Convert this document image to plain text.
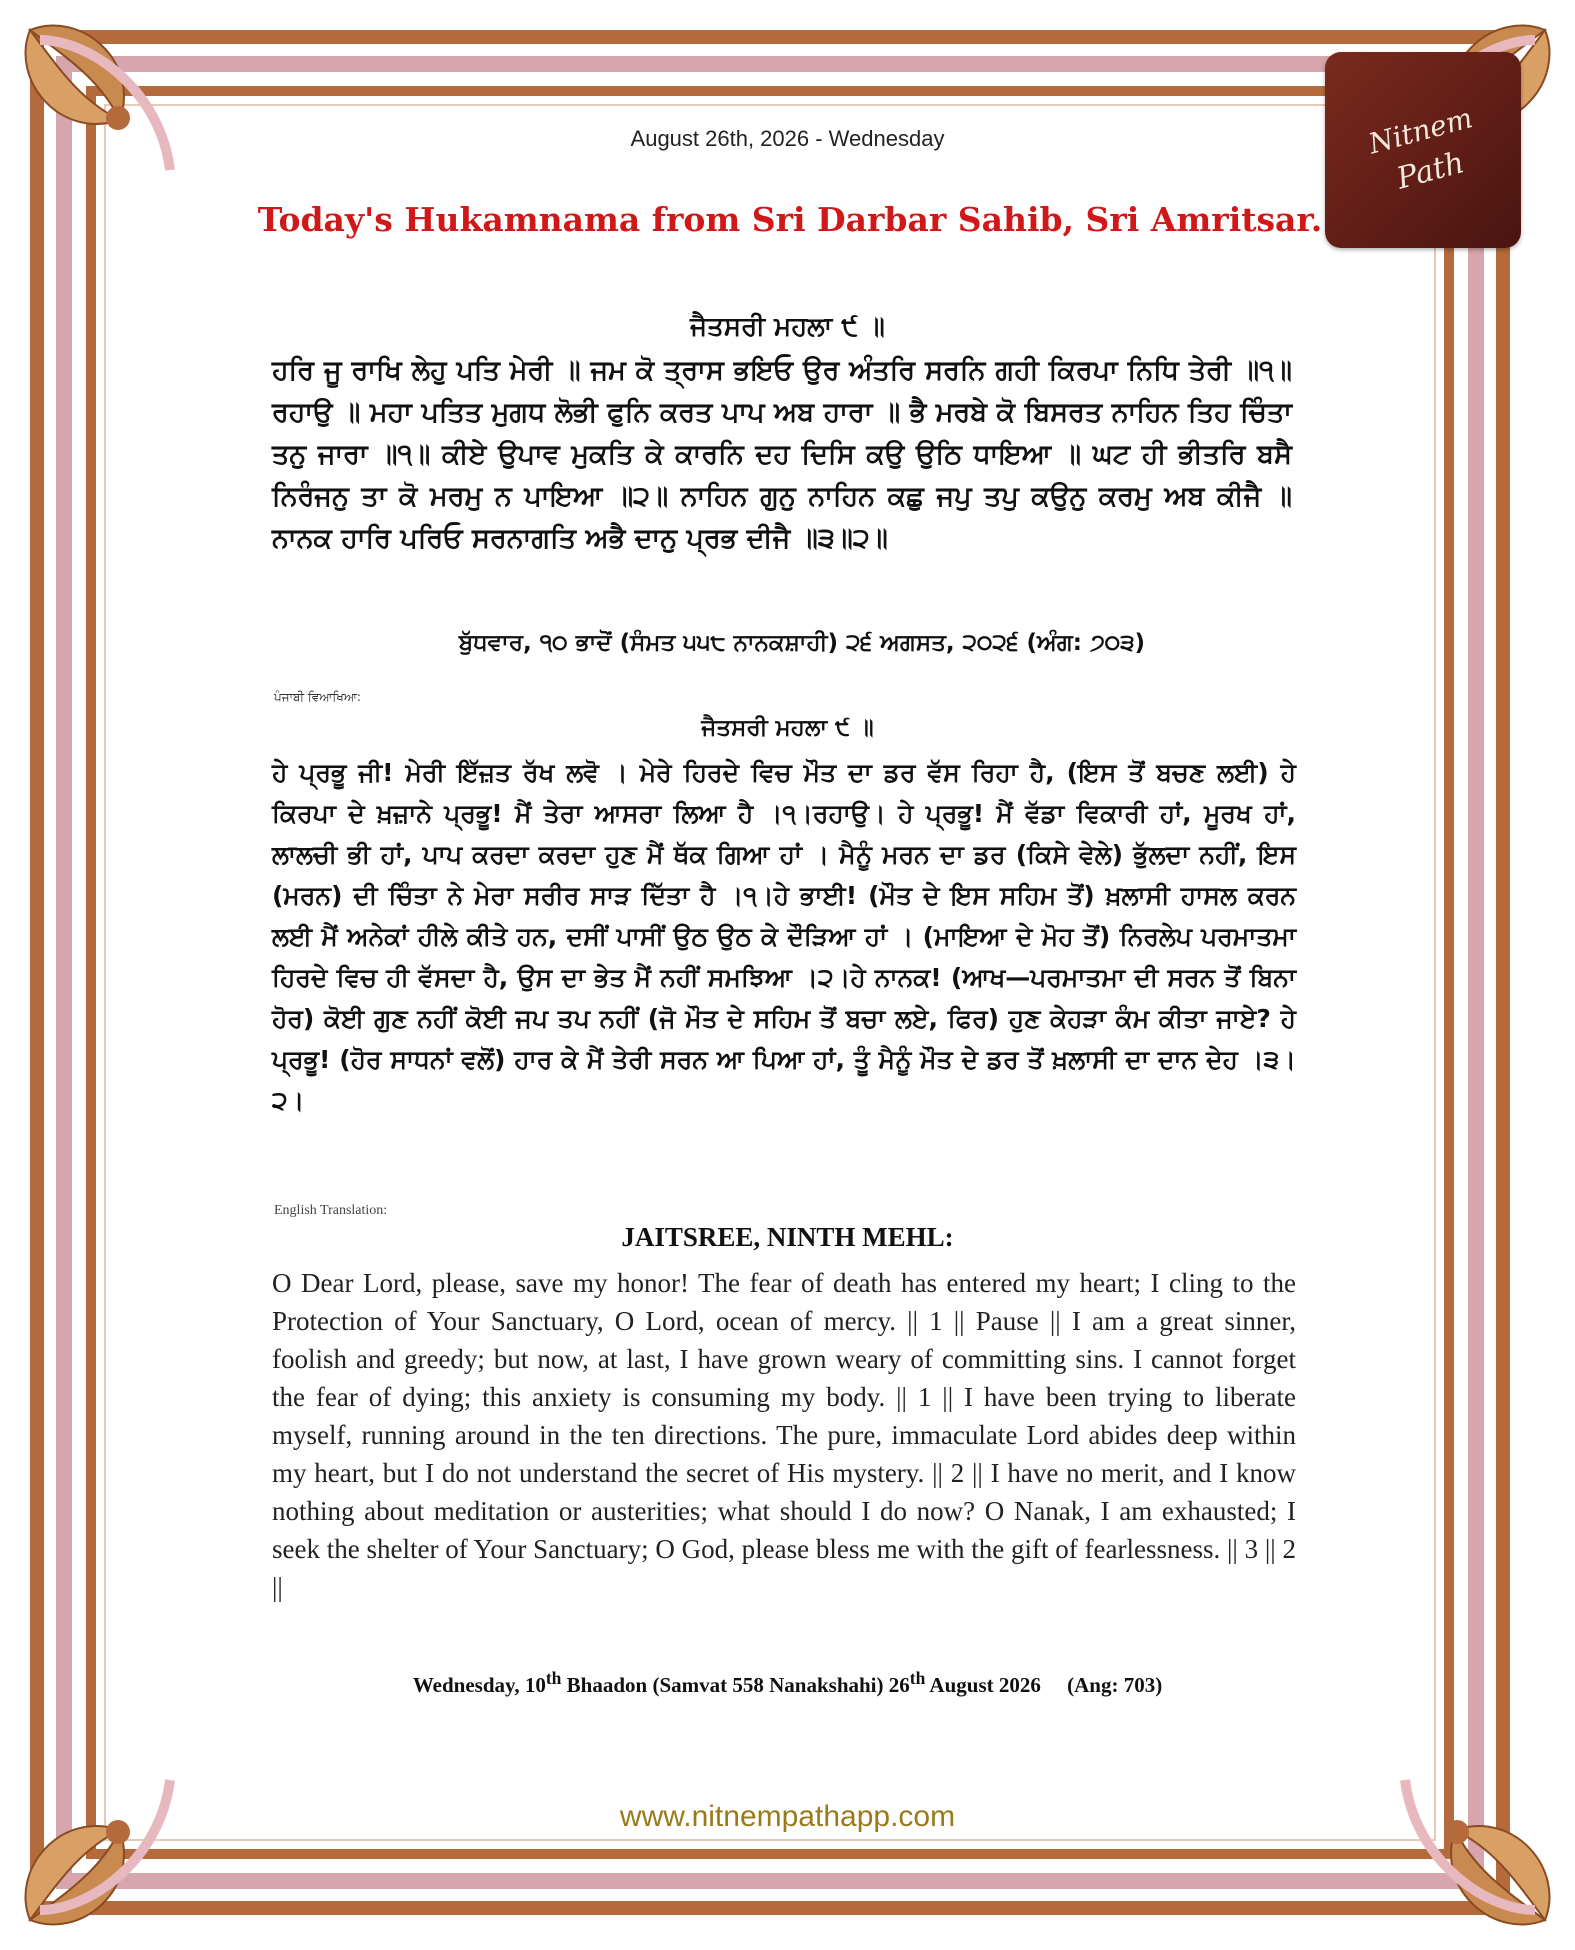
Nitnem
Path
August 26th, 2026 - Wednesday
Today's Hukamnama from Sri Darbar Sahib, Sri Amritsar.
ਜੈਤਸਰੀ ਮਹਲਾ ੯ ॥
ਹਰਿ ਜੂ ਰਾਖਿ ਲੇਹੁ ਪਤਿ ਮੇਰੀ ॥ ਜਮ ਕੋ ਤ੍ਰਾਸ ਭਇਓ ਉਰ ਅੰਤਰਿ ਸਰਨਿ ਗਹੀ ਕਿਰਪਾ ਨਿਧਿ ਤੇਰੀ ॥੧॥ ਰਹਾਉ ॥ ਮਹਾ ਪਤਿਤ ਮੁਗਧ ਲੋਭੀ ਫੁਨਿ ਕਰਤ ਪਾਪ ਅਬ ਹਾਰਾ ॥ ਭੈ ਮਰਬੇ ਕੋ ਬਿਸਰਤ ਨਾਹਿਨ ਤਿਹ ਚਿੰਤਾ ਤਨੁ ਜਾਰਾ ॥੧॥ ਕੀਏ ਉਪਾਵ ਮੁਕਤਿ ਕੇ ਕਾਰਨਿ ਦਹ ਦਿਸਿ ਕਉ ਉਠਿ ਧਾਇਆ ॥ ਘਟ ਹੀ ਭੀਤਰਿ ਬਸੈ ਨਿਰੰਜਨੁ ਤਾ ਕੋ ਮਰਮੁ ਨ ਪਾਇਆ ॥੨॥ ਨਾਹਿਨ ਗੁਨੁ ਨਾਹਿਨ ਕਛੁ ਜਪੁ ਤਪੁ ਕਉਨੁ ਕਰਮੁ ਅਬ ਕੀਜੈ ॥ ਨਾਨਕ ਹਾਰਿ ਪਰਿਓ ਸਰਨਾਗਤਿ ਅਭੈ ਦਾਨੁ ਪ੍ਰਭ ਦੀਜੈ ॥੩॥੨॥
ਬੁੱਧਵਾਰ, ੧੦ ਭਾਦੋਂ (ਸੰਮਤ ੫੫੮ ਨਾਨਕਸ਼ਾਹੀ) ੨੬ ਅਗਸਤ, ੨੦੨੬ (ਅੰਗ: ੭੦੩)
ਪੰਜਾਬੀ ਵਿਆਖਿਆ:
ਜੈਤਸਰੀ ਮਹਲਾ ੯ ॥
ਹੇ ਪ੍ਰਭੂ ਜੀ! ਮੇਰੀ ਇੱਜ਼ਤ ਰੱਖ ਲਵੋ । ਮੇਰੇ ਹਿਰਦੇ ਵਿਚ ਮੌਤ ਦਾ ਡਰ ਵੱਸ ਰਿਹਾ ਹੈ, (ਇਸ ਤੋਂ ਬਚਣ ਲਈ) ਹੇ ਕਿਰਪਾ ਦੇ ਖ਼ਜ਼ਾਨੇ ਪ੍ਰਭੂ! ਮੈਂ ਤੇਰਾ ਆਸਰਾ ਲਿਆ ਹੈ ।੧।ਰਹਾਉ। ਹੇ ਪ੍ਰਭੂ! ਮੈਂ ਵੱਡਾ ਵਿਕਾਰੀ ਹਾਂ, ਮੂਰਖ ਹਾਂ, ਲਾਲਚੀ ਭੀ ਹਾਂ, ਪਾਪ ਕਰਦਾ ਕਰਦਾ ਹੁਣ ਮੈਂ ਥੱਕ ਗਿਆ ਹਾਂ । ਮੈਨੂੰ ਮਰਨ ਦਾ ਡਰ (ਕਿਸੇ ਵੇਲੇ) ਭੁੱਲਦਾ ਨਹੀਂ, ਇਸ (ਮਰਨ) ਦੀ ਚਿੰਤਾ ਨੇ ਮੇਰਾ ਸਰੀਰ ਸਾੜ ਦਿੱਤਾ ਹੈ ।੧।ਹੇ ਭਾਈ! (ਮੌਤ ਦੇ ਇਸ ਸਹਿਮ ਤੋਂ) ਖ਼ਲਾਸੀ ਹਾਸਲ ਕਰਨ ਲਈ ਮੈਂ ਅਨੇਕਾਂ ਹੀਲੇ ਕੀਤੇ ਹਨ, ਦਸੀਂ ਪਾਸੀਂ ਉਠ ਉਠ ਕੇ ਦੌੜਿਆ ਹਾਂ । (ਮਾਇਆ ਦੇ ਮੋਹ ਤੋਂ) ਨਿਰਲੇਪ ਪਰਮਾਤਮਾ ਹਿਰਦੇ ਵਿਚ ਹੀ ਵੱਸਦਾ ਹੈ, ਉਸ ਦਾ ਭੇਤ ਮੈਂ ਨਹੀਂ ਸਮਝਿਆ ।੨।ਹੇ ਨਾਨਕ! (ਆਖ—ਪਰਮਾਤਮਾ ਦੀ ਸਰਨ ਤੋਂ ਬਿਨਾ ਹੋਰ) ਕੋਈ ਗੁਣ ਨਹੀਂ ਕੋਈ ਜਪ ਤਪ ਨਹੀਂ (ਜੋ ਮੌਤ ਦੇ ਸਹਿਮ ਤੋਂ ਬਚਾ ਲਏ, ਫਿਰ) ਹੁਣ ਕੇਹੜਾ ਕੰਮ ਕੀਤਾ ਜਾਏ? ਹੇ ਪ੍ਰਭੂ! (ਹੋਰ ਸਾਧਨਾਂ ਵਲੋਂ) ਹਾਰ ਕੇ ਮੈਂ ਤੇਰੀ ਸਰਨ ਆ ਪਿਆ ਹਾਂ, ਤੂੰ ਮੈਨੂੰ ਮੌਤ ਦੇ ਡਰ ਤੋਂ ਖ਼ਲਾਸੀ ਦਾ ਦਾਨ ਦੇਹ ।੩।੨।
English Translation:
JAITSREE, NINTH MEHL:
O Dear Lord, please, save my honor! The fear of death has entered my heart; I cling to the Protection of Your Sanctuary, O Lord, ocean of mercy. || 1 || Pause || I am a great sinner, foolish and greedy; but now, at last, I have grown weary of committing sins. I cannot forget the fear of dying; this anxiety is consuming my body. || 1 || I have been trying to liberate myself, running around in the ten directions. The pure, immaculate Lord abides deep within my heart, but I do not understand the secret of His mystery. || 2 || I have no merit, and I know nothing about meditation or austerities; what should I do now? O Nanak, I am exhausted; I seek the shelter of Your Sanctuary; O God, please bless me with the gift of fearlessness. || 3 || 2 ||
Wednesday, 10th Bhaadon (Samvat 558 Nanakshahi) 26th August 2026 (Ang: 703)
www.nitnempathapp.com
